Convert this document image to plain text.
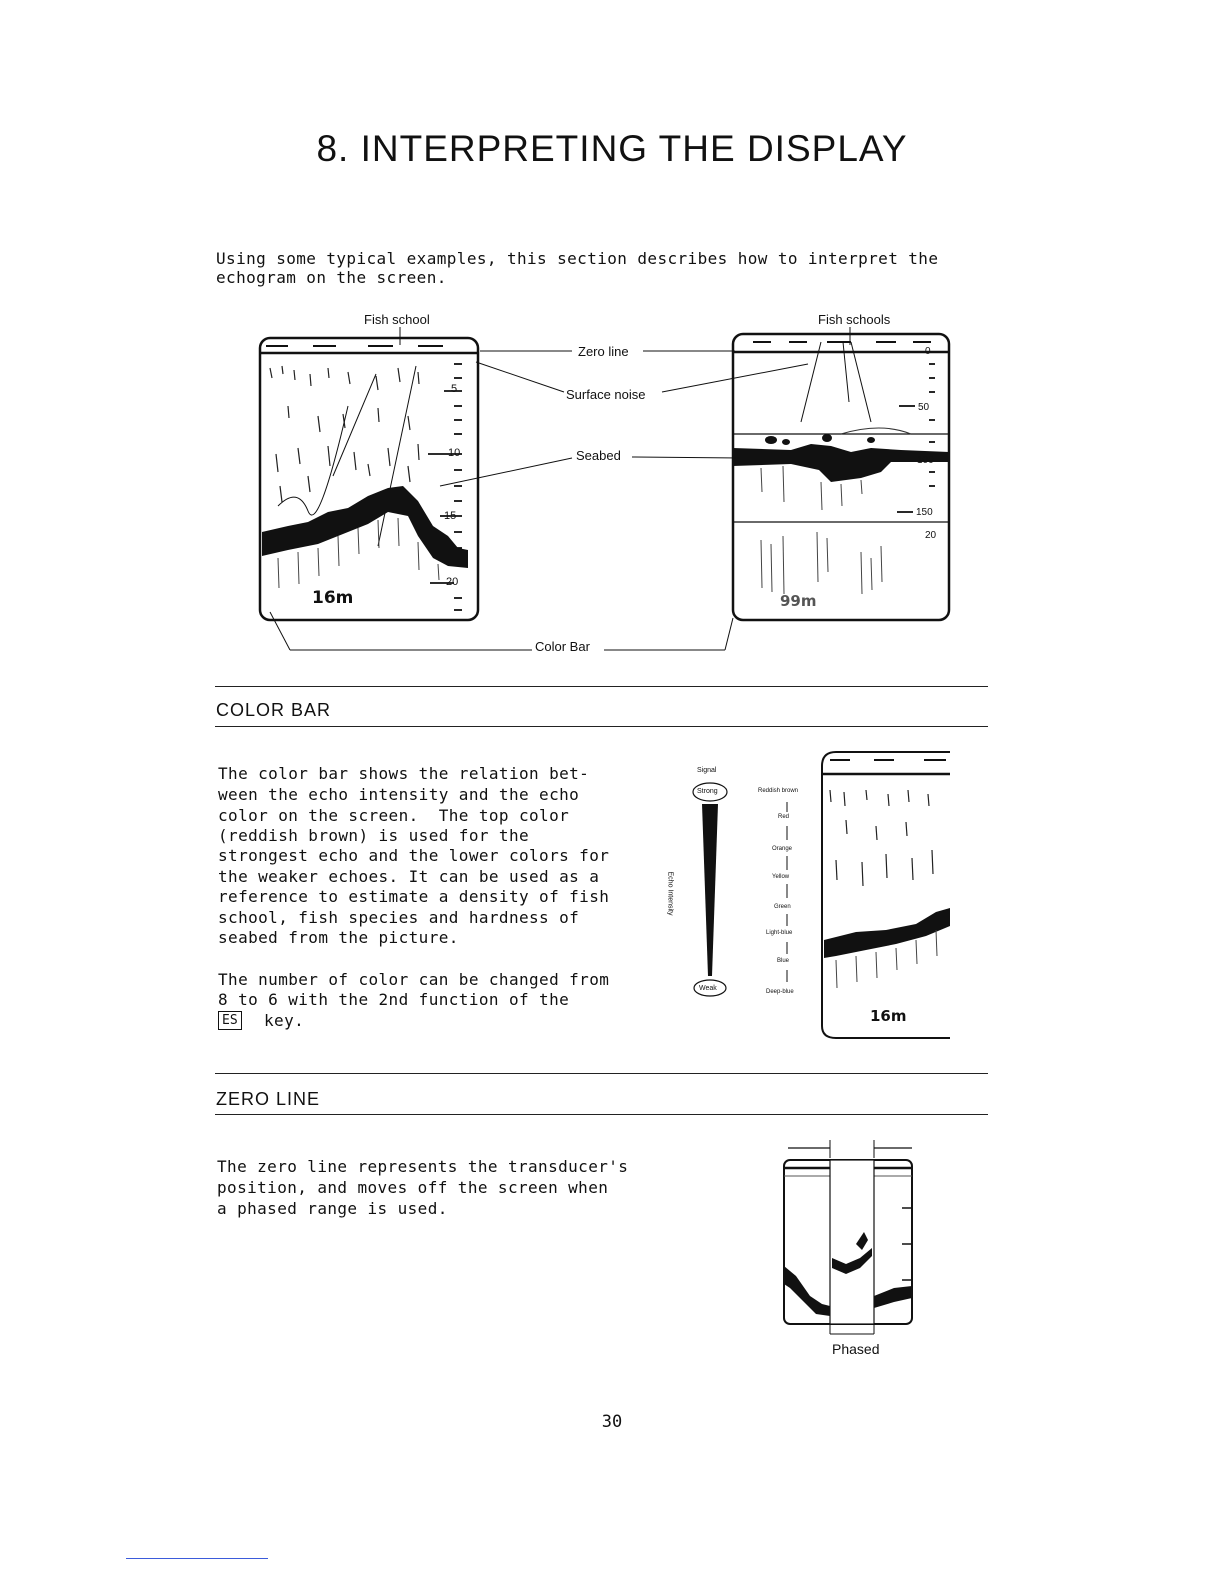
8. INTERPRETING THE DISPLAY
Using some typical examples, this section describes how to interpret the
echogram on the screen.
Fish school	Fish schools
Zero line
Surface noise
Seabed
Color Bar
5
10
15
20
16m
0
50
100
150
20
99m
COLOR BAR
The color bar shows the relation bet-
ween the echo intensity and the echo
color on the screen.  The top color
(reddish brown) is used for the
strongest echo and the lower colors for
the weaker echoes. It can be used as a
reference to estimate a density of fish
school, fish species and hardness of
seabed from the picture.
The number of color can be changed from
8 to 6 with the 2nd function of the
ES key.
Signal
Strong
Weak
Echo Intensity
Reddish brown
Red
Orange
Yellow
Green
Light-blue
Blue
Deep-blue
16m
ZERO LINE
The zero line represents the transducer's
position, and moves off the screen when
a phased range is used.
Phased
30
